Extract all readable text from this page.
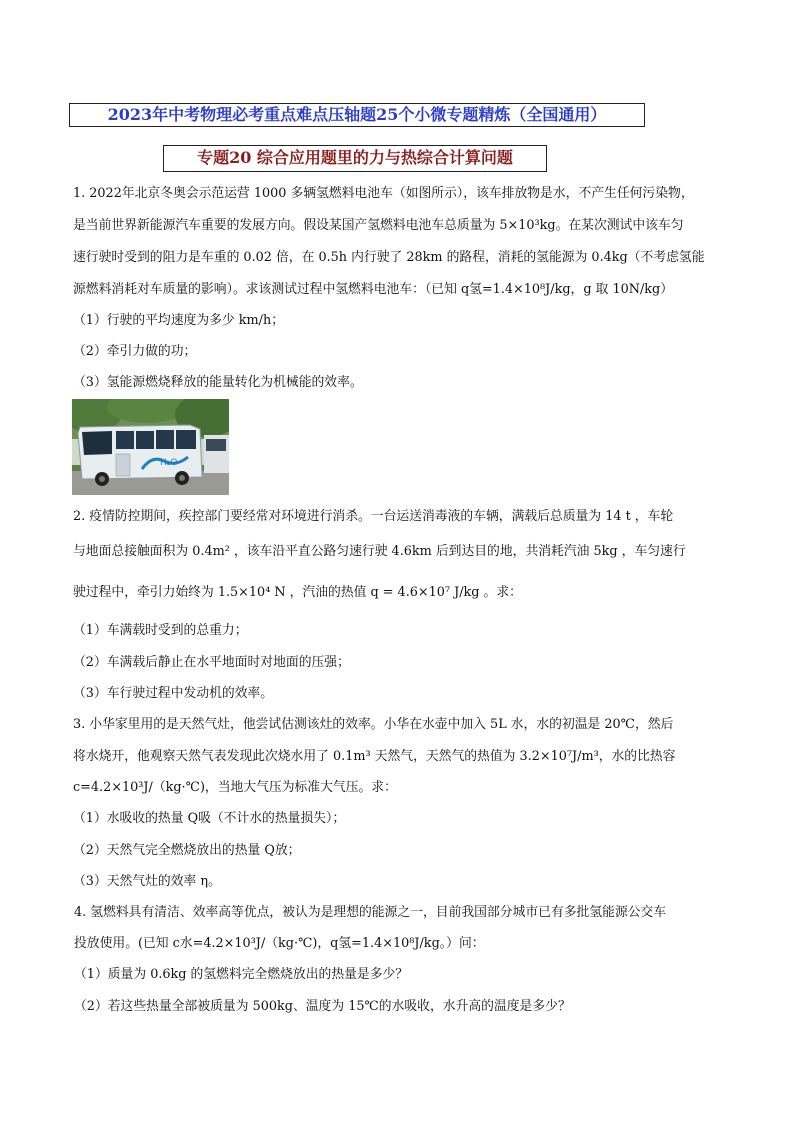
2023年中考物理必考重点难点压轴题25个小微专题精炼（全国通用）
专题20 综合应用题里的力与热综合计算问题
1. 2022年北京冬奥会示范运营 1000 多辆氢燃料电池车（如图所示），该车排放物是水，不产生任何污染物，
是当前世界新能源汽车重要的发展方向。假设某国产氢燃料电池车总质量为 5×10³kg。在某次测试中该车匀
速行驶时受到的阻力是车重的 0.02 倍，在 0.5h 内行驶了 28km 的路程，消耗的氢能源为 0.4kg（不考虑氢能
源燃料消耗对车质量的影响）。求该测试过程中氢燃料电池车：（已知 q氢=1.4×10⁸J/kg，g 取 10N/kg）
（1）行驶的平均速度为多少 km/h；
（2）牵引力做的功；
（3）氢能源燃烧释放的能量转化为机械能的效率。
H₂O
2. 疫情防控期间，疾控部门要经常对环境进行消杀。一台运送消毒液的车辆，满载后总质量为 14 t ，车轮
与地面总接触面积为 0.4m² ，该车沿平直公路匀速行驶 4.6km 后到达目的地，共消耗汽油 5kg ，车匀速行
驶过程中，牵引力始终为 1.5×10⁴ N ，汽油的热值 q = 4.6×10⁷ J/kg 。求：
（1）车满载时受到的总重力；
（2）车满载后静止在水平地面时对地面的压强；
（3）车行驶过程中发动机的效率。
3. 小华家里用的是天然气灶，他尝试估测该灶的效率。小华在水壶中加入 5L 水，水的初温是 20℃，然后
将水烧开，他观察天然气表发现此次烧水用了 0.1m³ 天然气，天然气的热值为 3.2×10⁷J/m³，水的比热容
c=4.2×10³J/（kg·℃)，当地大气压为标准大气压。求：
（1）水吸收的热量 Q吸（不计水的热量损失）；
（2）天然气完全燃烧放出的热量 Q放；
（3）天然气灶的效率 η。
4. 氢燃料具有清洁、效率高等优点，被认为是理想的能源之一，目前我国部分城市已有多批氢能源公交车
投放使用。(已知 c水=4.2×10³J/（kg·℃)，q氢=1.4×10⁸J/kg。）问：
（1）质量为 0.6kg 的氢燃料完全燃烧放出的热量是多少？
（2）若这些热量全部被质量为 500kg、温度为 15℃的水吸收，水升高的温度是多少？
